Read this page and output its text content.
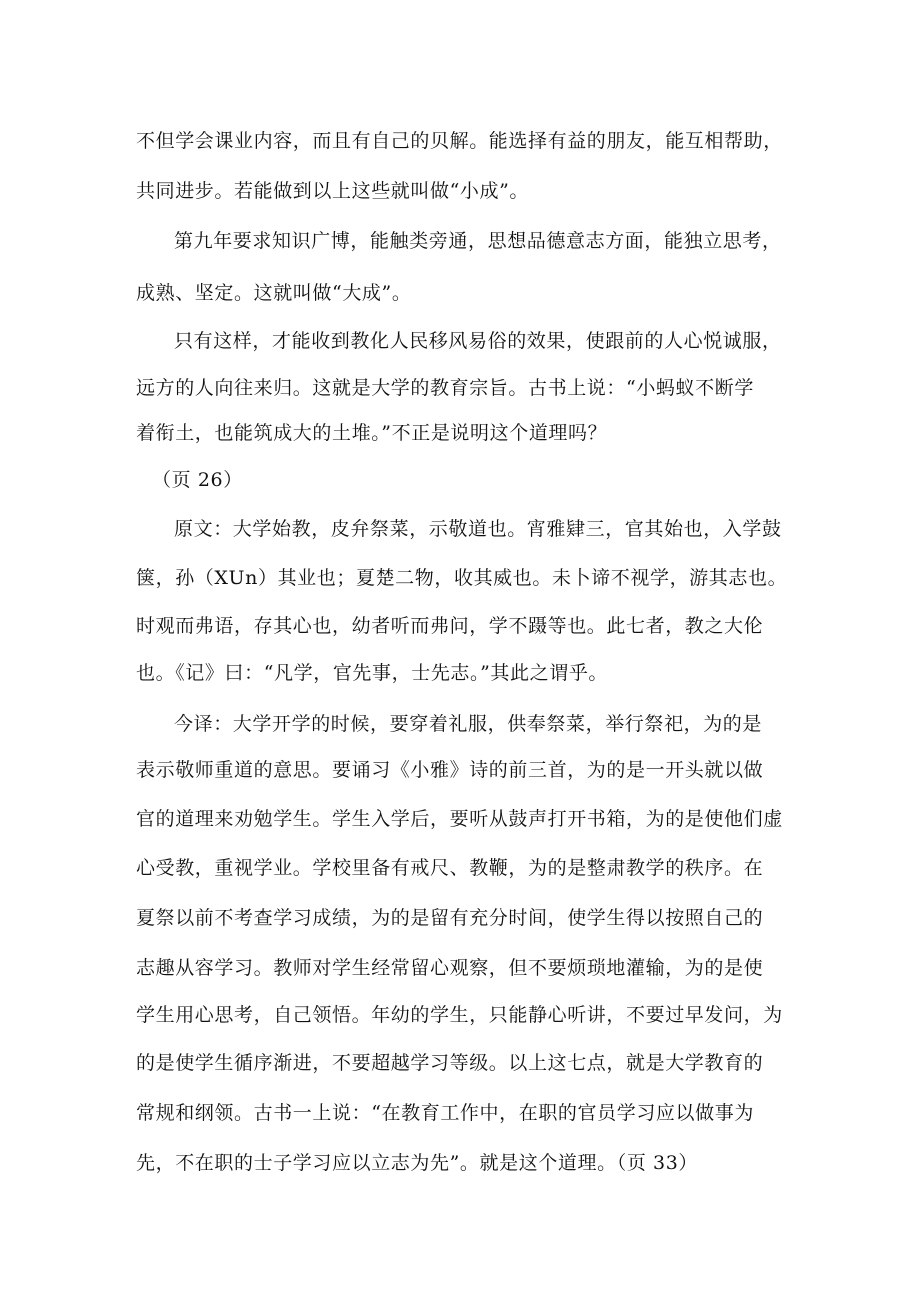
不但学会课业内容，而且有自己的贝解。能选择有益的朋友，能互相帮助，
共同进步。若能做到以上这些就叫做“小成”。
第九年要求知识广博，能触类旁通，思想品德意志方面，能独立思考，
成熟、坚定。这就叫做“大成”。
只有这样，才能收到教化人民移风易俗的效果，使跟前的人心悦诚服，
远方的人向往来归。这就是大学的教育宗旨。古书上说：“小蚂蚁不断学
着衔土，也能筑成大的土堆。”不正是说明这个道理吗？
（页 26）
原文：大学始教，皮弁祭菜，示敬道也。宵雅肄三，官其始也，入学鼓
箧，孙（XUn）其业也；夏楚二物，收其威也。未卜谛不视学，游其志也。
时观而弗语，存其心也，幼者听而弗问，学不蹑等也。此七者，教之大伦
也。《记》曰：“凡学，官先事，士先志。”其此之谓乎。
今译：大学开学的时候，要穿着礼服，供奉祭菜，举行祭祀，为的是
表示敬师重道的意思。要诵习《小雅》诗的前三首，为的是一开头就以做
官的道理来劝勉学生。学生入学后，要听从鼓声打开书箱，为的是使他们虚
心受教，重视学业。学校里备有戒尺、教鞭，为的是整肃教学的秩序。在
夏祭以前不考查学习成绩，为的是留有充分时间，使学生得以按照自己的
志趣从容学习。教师对学生经常留心观察，但不要烦琐地灌输，为的是使
学生用心思考，自己领悟。年幼的学生，只能静心听讲，不要过早发问，为
的是使学生循序渐进，不要超越学习等级。以上这七点，就是大学教育的
常规和纲领。古书一上说：“在教育工作中，在职的官员学习应以做事为
先，不在职的士子学习应以立志为先”。就是这个道理。（页 33）
